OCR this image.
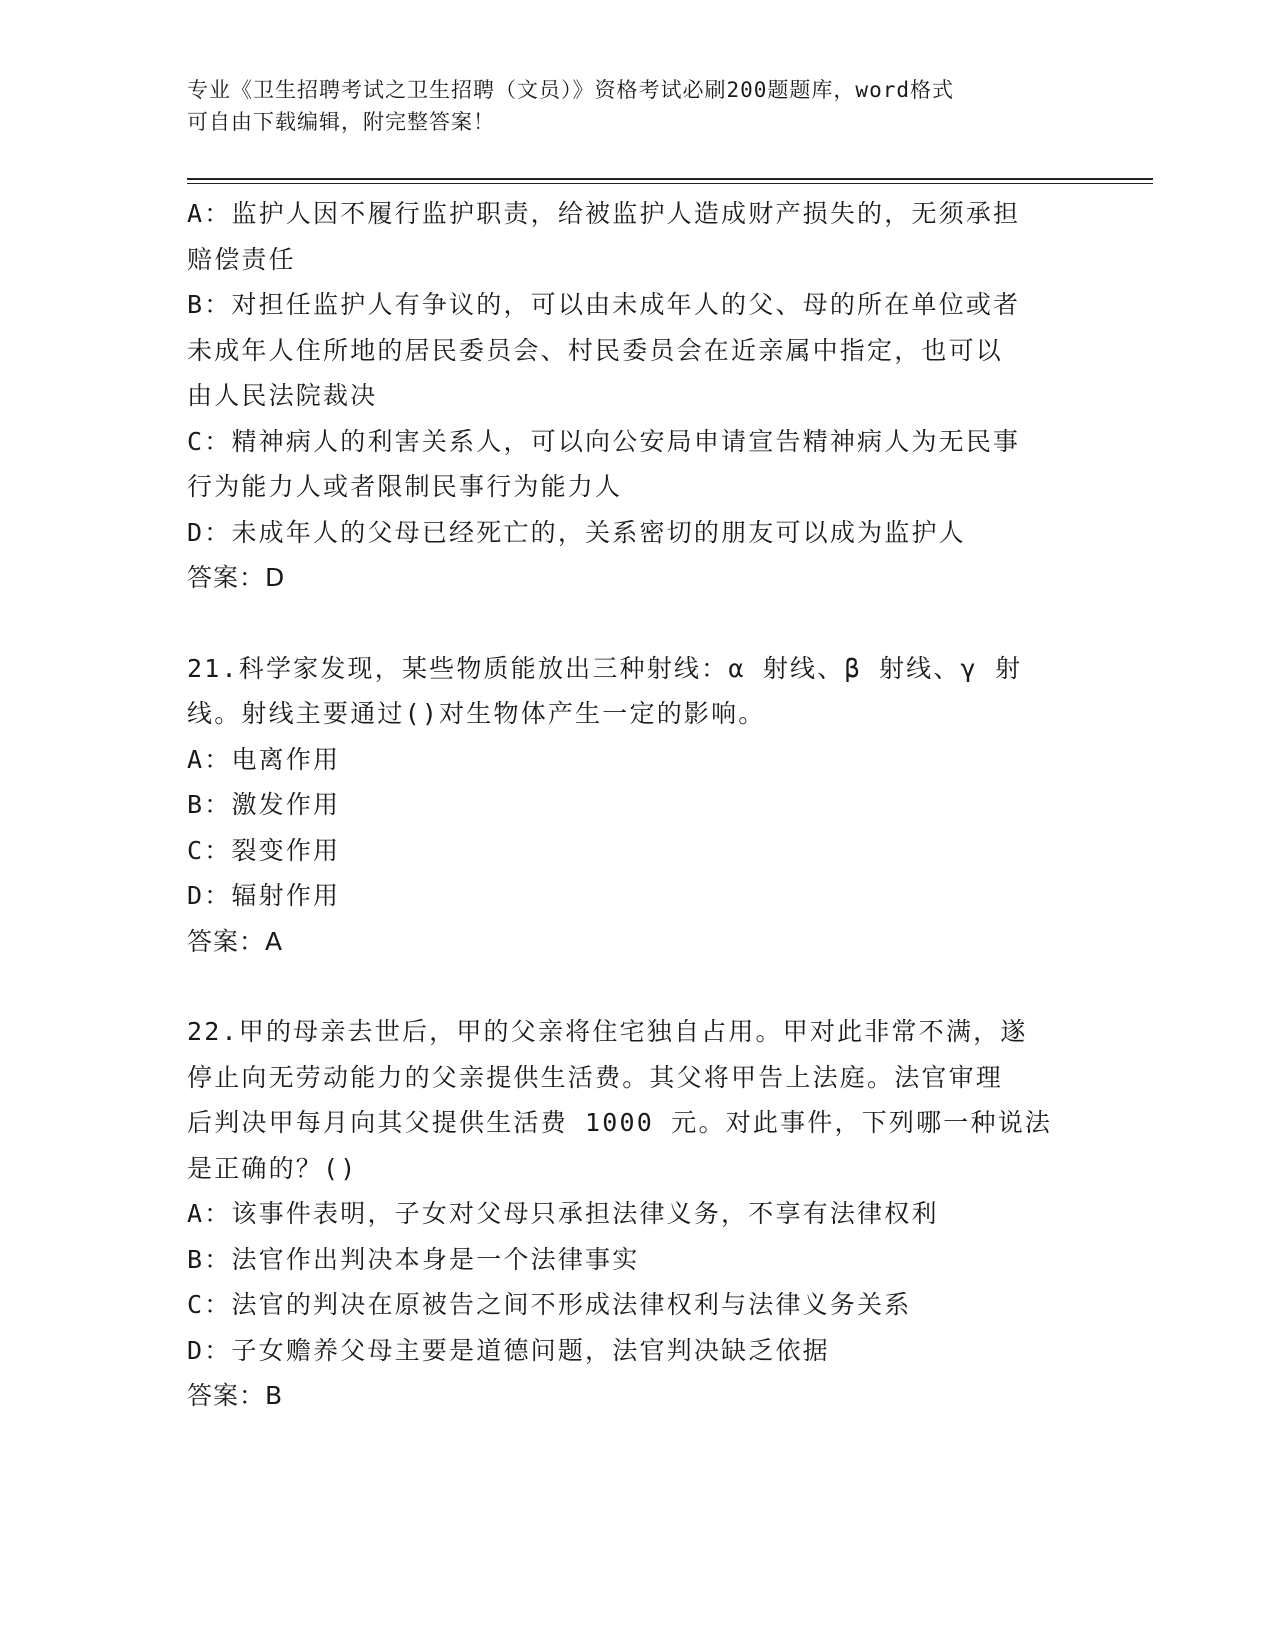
专业《卫生招聘考试之卫生招聘（文员）》资格考试必刷200题题库，word格式
可自由下载编辑，附完整答案！
A：监护人因不履行监护职责，给被监护人造成财产损失的，无须承担
赔偿责任
B：对担任监护人有争议的，可以由未成年人的父、母的所在单位或者
未成年人住所地的居民委员会、村民委员会在近亲属中指定，也可以
由人民法院裁决
C：精神病人的利害关系人，可以向公安局申请宣告精神病人为无民事
行为能力人或者限制民事行为能力人
D：未成年人的父母已经死亡的，关系密切的朋友可以成为监护人
答案：D
21.科学家发现，某些物质能放出三种射线：α 射线、β 射线、γ 射
线。射线主要通过()对生物体产生一定的影响。
A：电离作用
B：激发作用
C：裂变作用
D：辐射作用
答案：A
22.甲的母亲去世后，甲的父亲将住宅独自占用。甲对此非常不满，遂
停止向无劳动能力的父亲提供生活费。其父将甲告上法庭。法官审理
后判决甲每月向其父提供生活费 1000 元。对此事件，下列哪一种说法
是正确的？()
A：该事件表明，子女对父母只承担法律义务，不享有法律权利
B：法官作出判决本身是一个法律事实
C：法官的判决在原被告之间不形成法律权利与法律义务关系
D：子女赡养父母主要是道德问题，法官判决缺乏依据
答案：B
